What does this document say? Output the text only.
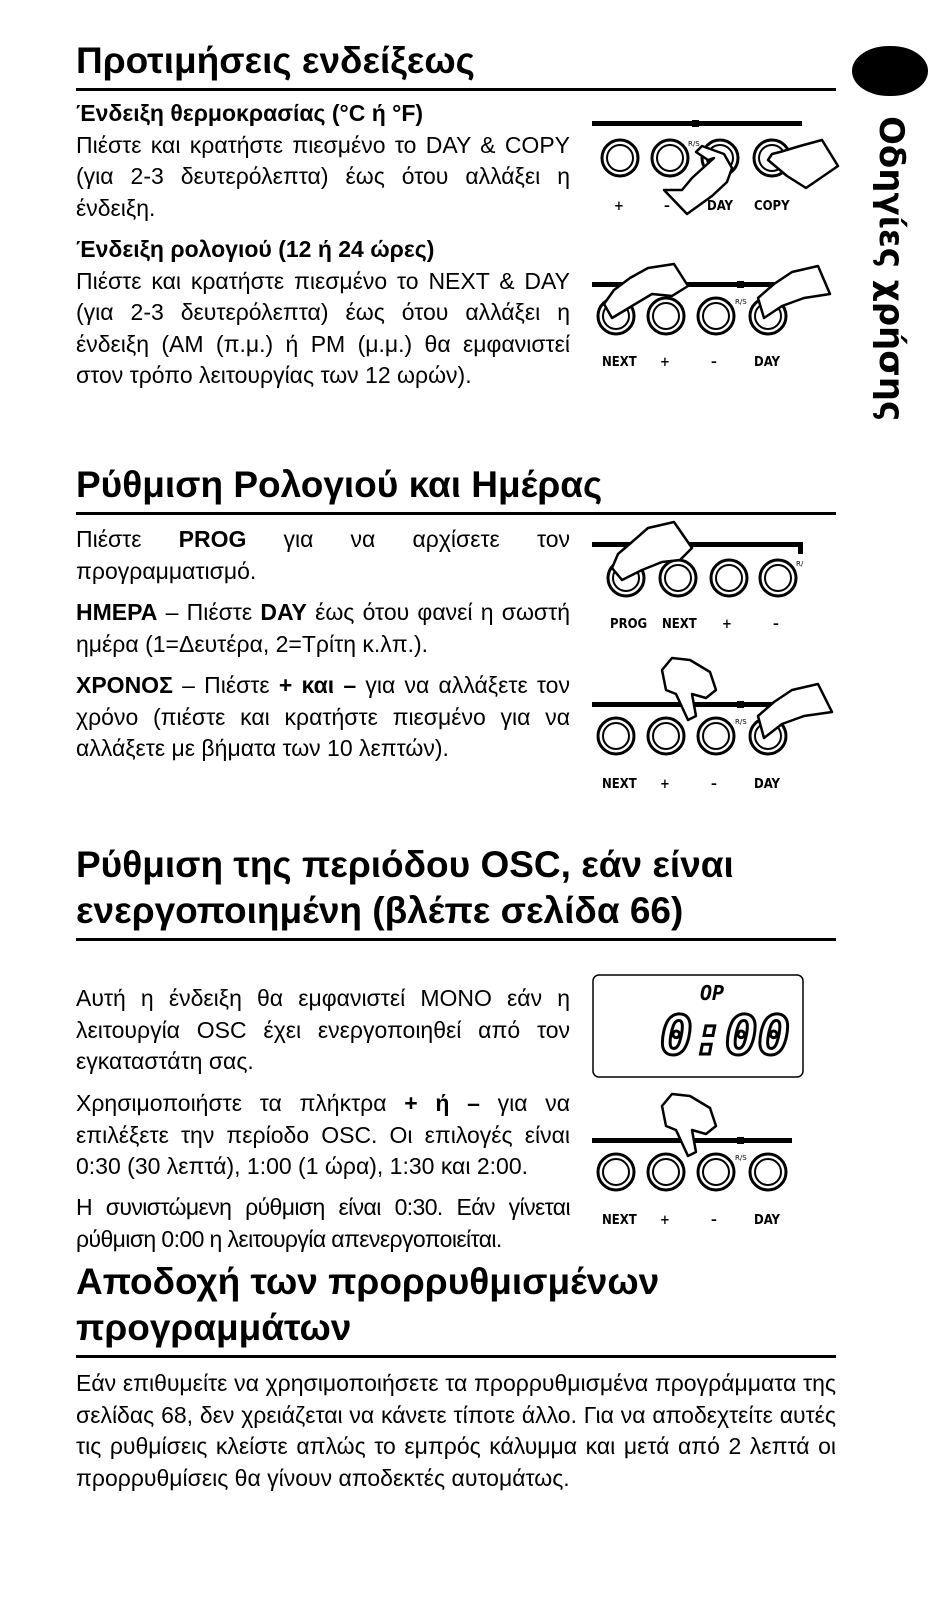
Οδηγίες χρήσης
Προτιμήσεις ενδείξεως
Ένδειξη θερμοκρασίας (°C ή °F)
Πιέστε και κρατήστε πιεσμένο το DAY & COPY (για 2-3 δευτερόλεπτα) έως ότου αλλάξει η ένδειξη.
Ένδειξη ρολογιού (12 ή 24 ώρες)
Πιέστε και κρατήστε πιεσμένο το NEXT & DAY (για 2-3 δευτερόλεπτα) έως ότου αλλάξει η ένδειξη (AM (π.μ.) ή PM (μ.μ.) θα εμφανιστεί στον τρόπο λειτουργίας των 12 ωρών).
R/S
+	–	DAY COPY
R/S
NEXT +	–	DAY
Ρύθμιση Ρολογιού και Ημέρας
Πιέστε PROG για να αρχίσετε τον προγραμματισμό.
ΗΜΕΡΑ – Πιέστε DAY έως ότου φανεί η σωστή ημέρα (1=Δευτέρα, 2=Τρίτη κ.λπ.).
ΧΡΟΝΟΣ – Πιέστε + και – για να αλλάξετε τον χρόνο (πιέστε και κρατήστε πιεσμένο για να αλλάξετε με βήματα των 10 λεπτών).
R/
PROG NEXT +	–
R/S
NEXT +	–	DAY
Ρύθμιση της περιόδου OSC, εάν είναι ενεργοποιημένη (βλέπε σελίδα 66)
Αυτή η ένδειξη θα εμφανιστεί ΜΟΝΟ εάν η λειτουργία OSC έχει ενεργοποιηθεί από τον εγκαταστάτη σας.
Χρησιμοποιήστε τα πλήκτρα + ή – για να επιλέξετε την περίοδο OSC. Οι επιλογές είναι 0:30 (30 λεπτά), 1:00 (1 ώρα), 1:30 και 2:00.
Η συνιστώμενη ρύθμιση είναι 0:30. Εάν γίνεται ρύθμιση 0:00 η λειτουργία απενεργοποιείται.
OP
0:00
R/S
NEXT +	–	DAY
Αποδοχή των προρρυθμισμένων προγραμμάτων
Εάν επιθυμείτε να χρησιμοποιήσετε τα προρρυθμισμένα προγράμματα της σελίδας 68, δεν χρειάζεται να κάνετε τίποτε άλλο. Για να αποδεχτείτε αυτές τις ρυθμίσεις κλείστε απλώς το εμπρός κάλυμμα και μετά από 2 λεπτά οι προρρυθμίσεις θα γίνουν αποδεκτές αυτομάτως.
